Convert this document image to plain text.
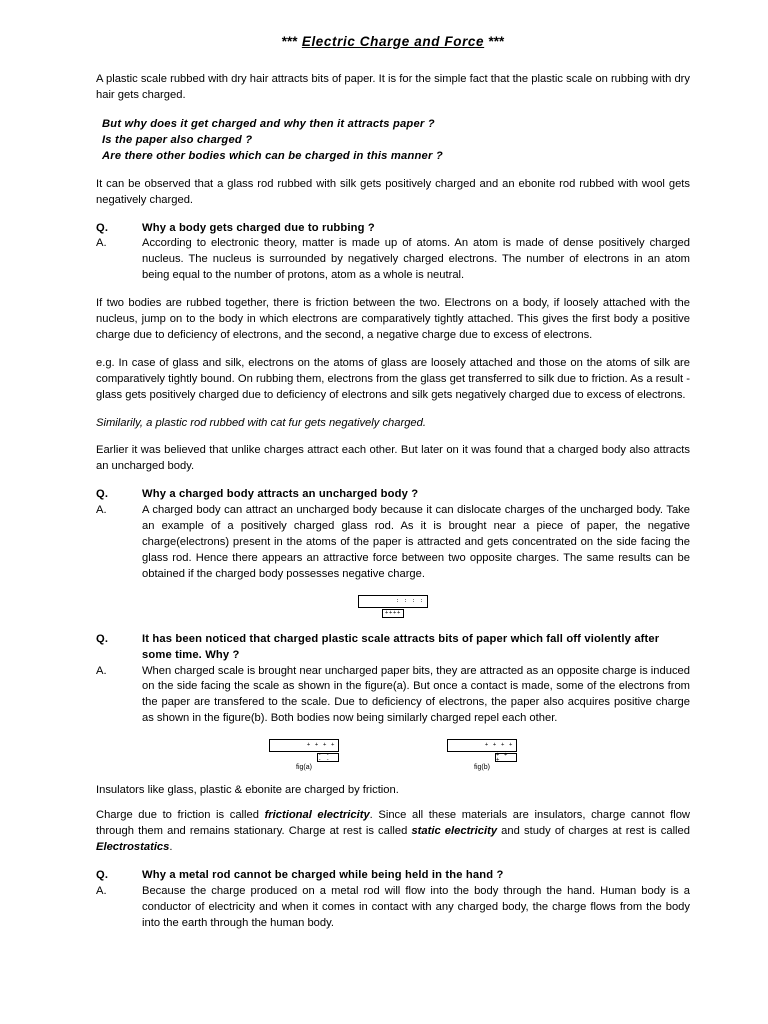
*** Electric Charge and Force ***

A plastic scale rubbed with dry hair attracts bits of paper. It is for the simple fact that the plastic scale on rubbing with dry hair gets charged.

But why does it get charged and why then it attracts paper ?
Is the paper also charged ?
Are there other bodies which can be charged in this manner ?

It can be observed that a glass rod rubbed with silk gets positively charged and an ebonite rod rubbed with wool gets negatively charged.

Q.	Why a body gets charged due to rubbing ?
A.	According to electronic theory, matter is made up of atoms. An atom is made of dense positively charged nucleus. The nucleus is surrounded by negatively charged electrons. The number of electrons in an atom being equal to the number of protons, atom as a whole is neutral.

If two bodies are rubbed together, there is friction between the two. Electrons on a body, if loosely attached with the nucleus, jump on to the body in which electrons are comparatively tightly attached. This gives the first body a positive charge due to deficiency of electrons, and the second, a negative charge due to excess of electrons.

e.g. In case of glass and silk, electrons on the atoms of glass are loosely attached and those on the atoms of silk are comparatively tightly bound. On rubbing them, electrons from the glass get transferred to silk due to friction. As a result - glass gets positively charged due to deficiency of electrons and silk gets negatively charged due to excess of electrons.

Similarily, a plastic rod rubbed with cat fur gets negatively charged.

Earlier it was believed that unlike charges attract each other. But later on it was found that a charged body also attracts an uncharged body.

Q.	Why a charged body attracts an uncharged body ?
A.	A charged body can attract an uncharged body because it can dislocate charges of the uncharged body. Take an example of a positively charged glass rod. As it is brought near a piece of paper, the negative charge(electrons) present in the atoms of the paper is attracted and gets concentrated on the side facing the glass rod. Hence there appears an attractive force between two opposite charges. The same results can be obtained if the charged body possesses negative charge.
: : : :
++++
Q.	It has been noticed that charged plastic scale attracts bits of paper which fall off violently after some time. Why ?
A.	When charged scale is brought near uncharged paper bits, they are attracted as an opposite charge is induced on the side facing the scale as shown in the figure(a). But once a contact is made, some of the electrons from the paper are transfered to the scale. Due to deficiency of electrons, the paper also acquires positive charge as shown in the figure(b). Both bodies now being similarly charged repel each other.
+ + + +
- - - -
fig(a)
+ + + +
+ + +
fig(b)

Insulators like glass, plastic & ebonite are charged by friction.

Charge due to friction is called frictional electricity. Since all these materials are insulators, charge cannot flow through them and remains stationary. Charge at rest is called static electricity and study of charges at rest is called Electrostatics.

Q.	Why a metal rod cannot be charged while being held in the hand ?
A.	Because the charge produced on a metal rod will flow into the body through the hand. Human body is a conductor of electricity and when it comes in contact with any charged body, the charge flows from the body into the earth through the human body.
